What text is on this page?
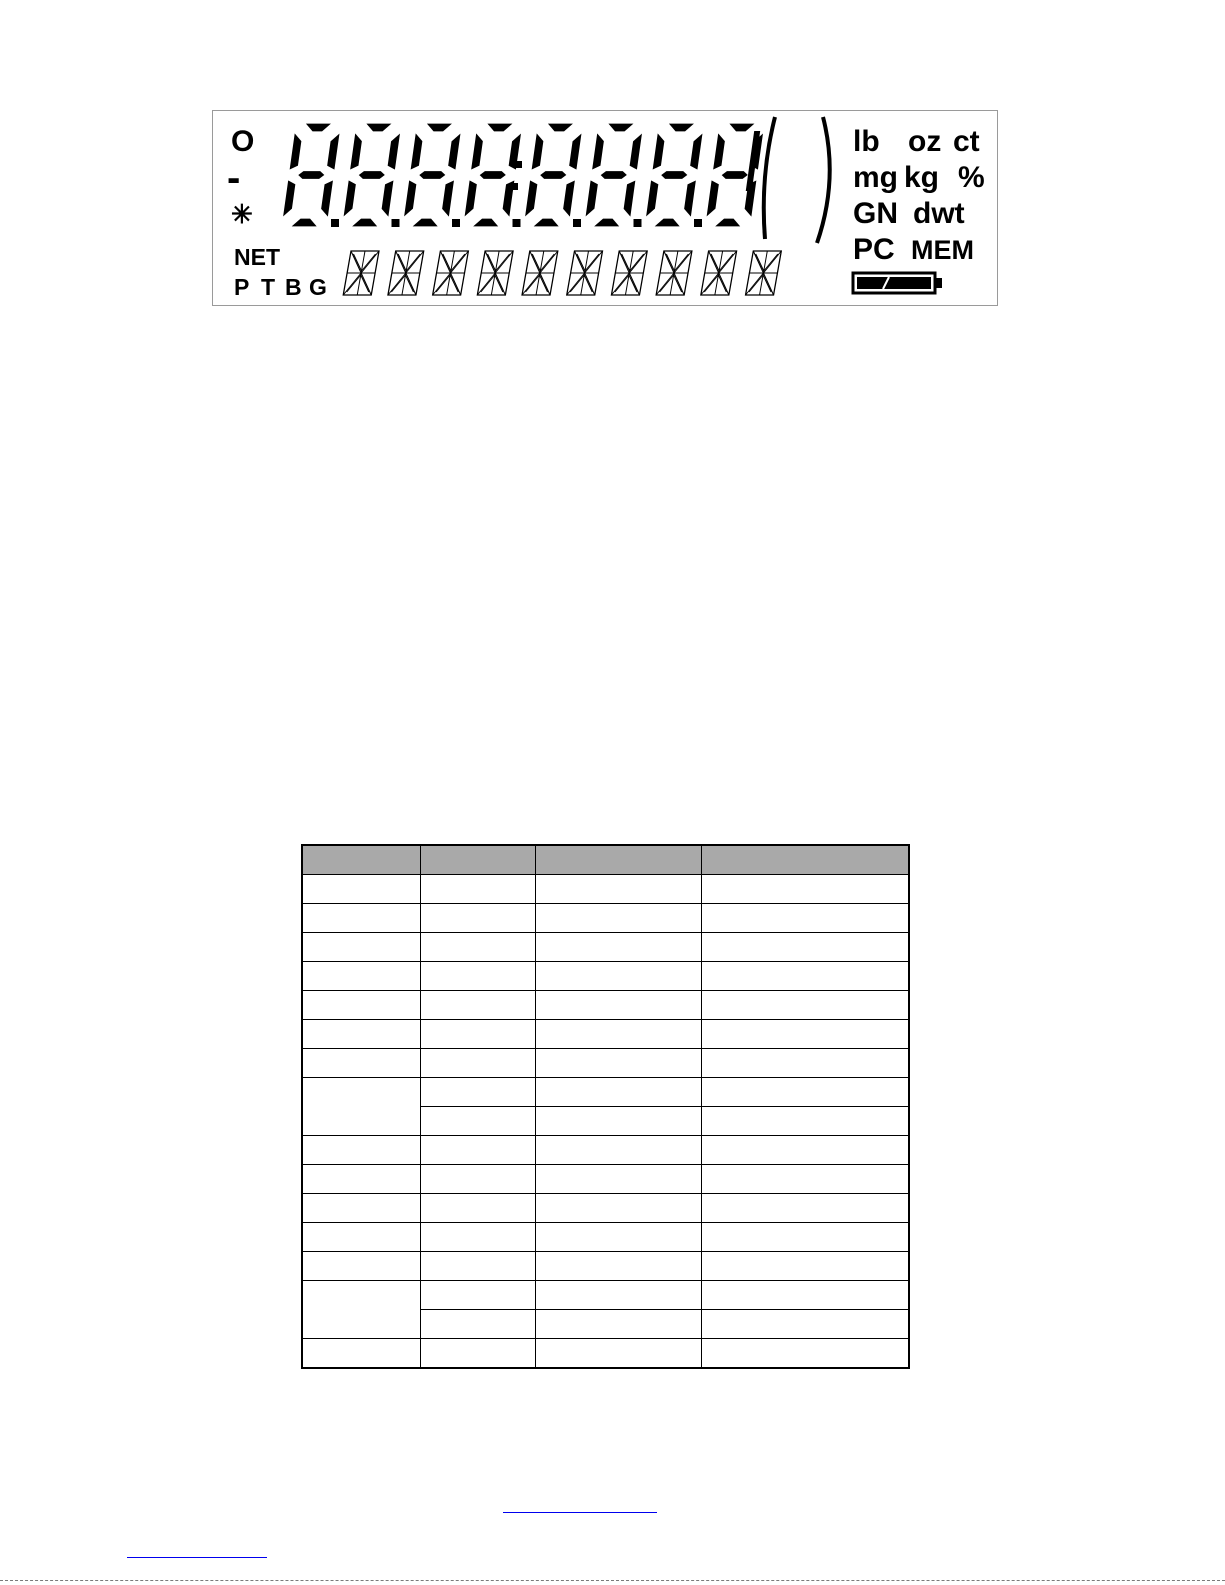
O
-
✳
NET
P T B G
lb oz ct
mg kg %
GN dwt
PC MEM
